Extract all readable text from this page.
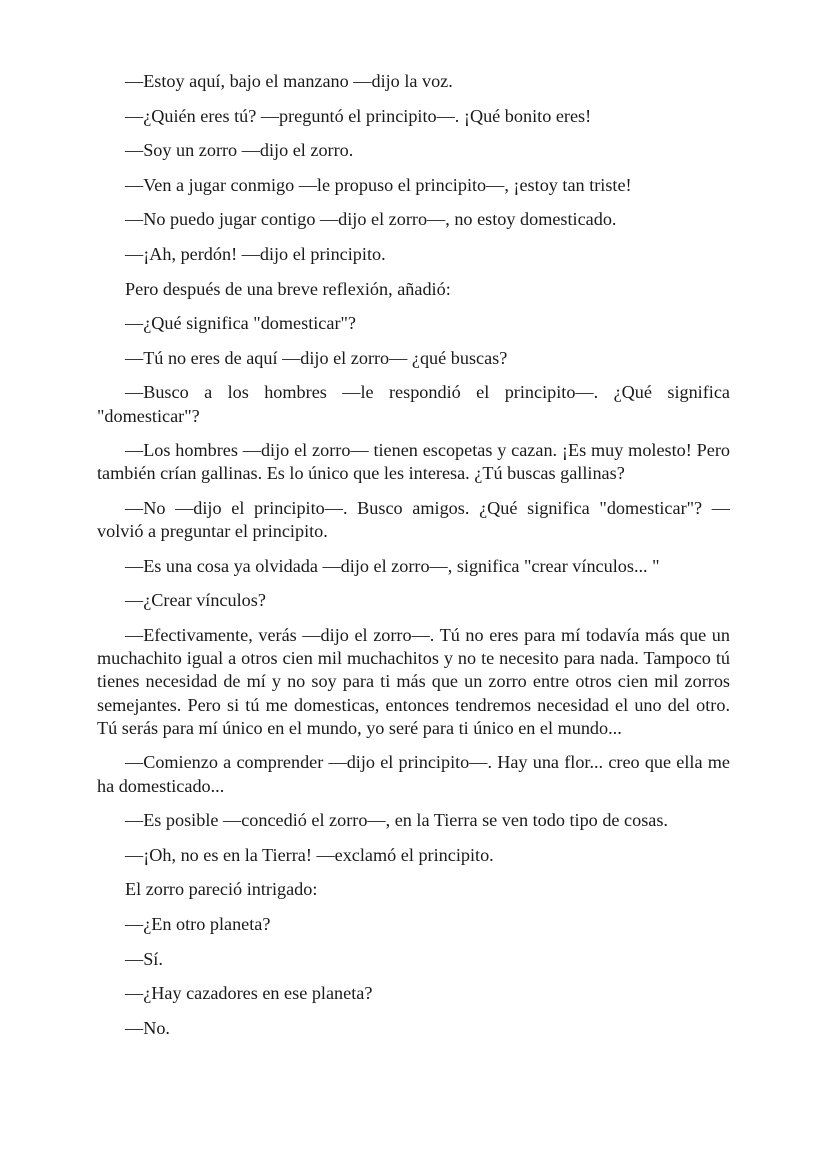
—Estoy aquí, bajo el manzano —dijo la voz.

—¿Quién eres tú? —preguntó el principito—. ¡Qué bonito eres!

—Soy un zorro —dijo el zorro.

—Ven a jugar conmigo —le propuso el principito—, ¡estoy tan triste!

—No puedo jugar contigo —dijo el zorro—, no estoy domesticado.

—¡Ah, perdón! —dijo el principito.

Pero después de una breve reflexión, añadió:

—¿Qué significa "domesticar"?

—Tú no eres de aquí —dijo el zorro— ¿qué buscas?

—Busco a los hombres —le respondió el principito—. ¿Qué significa "domesticar"?

—Los hombres —dijo el zorro— tienen escopetas y cazan. ¡Es muy molesto! Pero también crían gallinas. Es lo único que les interesa. ¿Tú buscas gallinas?

—No —dijo el principito—. Busco amigos. ¿Qué significa "domesticar"? —volvió a preguntar el principito.

—Es una cosa ya olvidada —dijo el zorro—, significa "crear vínculos... "

—¿Crear vínculos?

—Efectivamente, verás —dijo el zorro—. Tú no eres para mí todavía más que un muchachito igual a otros cien mil muchachitos y no te necesito para nada. Tampoco tú tienes necesidad de mí y no soy para ti más que un zorro entre otros cien mil zorros semejantes. Pero si tú me domesticas, entonces tendremos necesidad el uno del otro. Tú serás para mí único en el mundo, yo seré para ti único en el mundo...

—Comienzo a comprender —dijo el principito—. Hay una flor... creo que ella me ha domesticado...

—Es posible —concedió el zorro—, en la Tierra se ven todo tipo de cosas.

—¡Oh, no es en la Tierra! —exclamó el principito.

El zorro pareció intrigado:

—¿En otro planeta?

—Sí.

—¿Hay cazadores en ese planeta?

—No.
